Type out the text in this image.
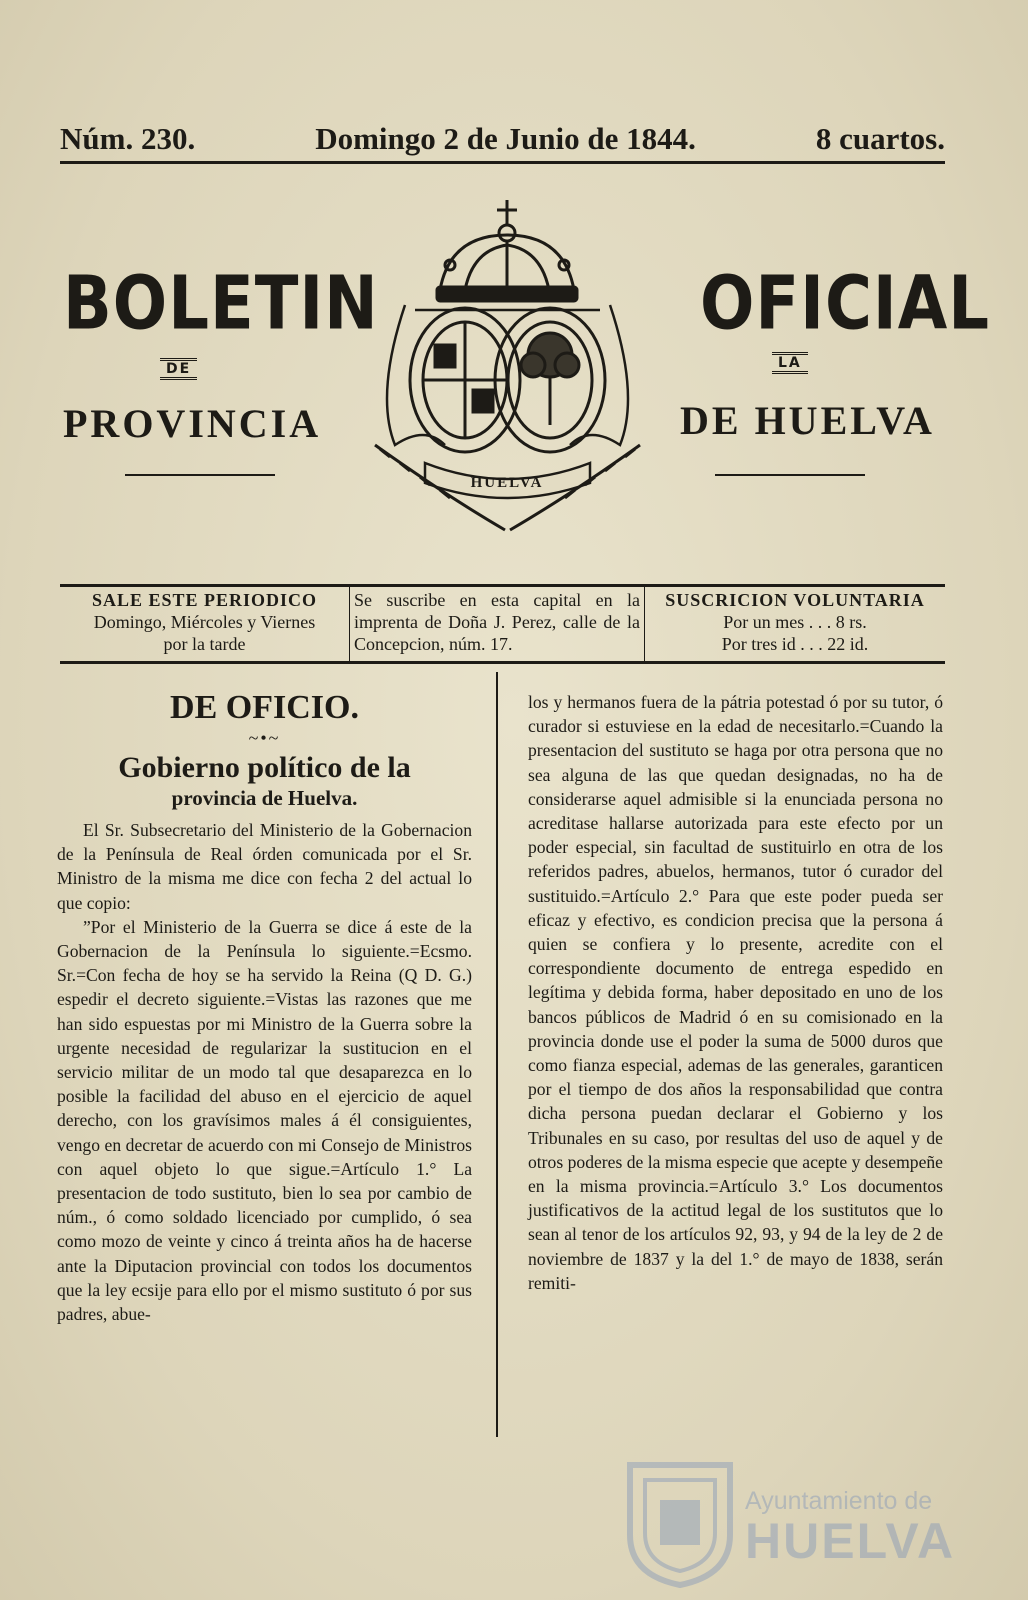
Núm. 230.	Domingo 2 de Junio de 1844.	8 cuartos.
BOLETIN	OFICIAL
DE	LA
PROVINCIA	DE HUELVA
HUELVA
SALE ESTE PERIODICO
Domingo, Miércoles y Viernes
por la tarde
Se suscribe en esta capital en la imprenta de Doña J. Perez, calle de la Concepcion, núm. 17.
SUSCRICION VOLUNTARIA
Por un mes . . . 8 rs.
Por tres id . . . 22 id.
DE OFICIO.
~•~
Gobierno político de la
provincia de Huelva.

El Sr. Subsecretario del Ministerio de la Gobernacion de la Península de Real órden comunicada por el Sr. Ministro de la misma me dice con fecha 2 del actual lo que copio:

”Por el Ministerio de la Guerra se dice á este de la Gobernacion de la Península lo siguiente.=Ecsmo. Sr.=Con fecha de hoy se ha servido la Reina (Q D. G.) espedir el decreto siguiente.=Vistas las razones que me han sido espuestas por mi Ministro de la Guerra sobre la urgente necesidad de regularizar la sustitucion en el servicio militar de un modo tal que desaparezca en lo posible la facilidad del abuso en el ejercicio de aquel derecho, con los gravísimos males á él consiguientes, vengo en decretar de acuerdo con mi Consejo de Ministros con aquel objeto lo que sigue.=Artículo 1.° La presentacion de todo sustituto, bien lo sea por cambio de núm., ó como soldado licenciado por cumplido, ó sea como mozo de veinte y cinco á treinta años ha de hacerse ante la Diputacion provincial con todos los documentos que la ley ecsije para ello por el mismo sustituto ó por sus padres, abue-

los y hermanos fuera de la pátria potestad ó por su tutor, ó curador si estuviese en la edad de necesitarlo.=Cuando la presentacion del sustituto se haga por otra persona que no sea alguna de las que quedan designadas, no ha de considerarse aquel admisible si la enunciada persona no acreditase hallarse autorizada para este efecto por un poder especial, sin facultad de sustituirlo en otra de los referidos padres, abuelos, hermanos, tutor ó curador del sustituido.=Artículo 2.° Para que este poder pueda ser eficaz y efectivo, es condicion precisa que la persona á quien se confiera y lo presente, acredite con el correspondiente documento de entrega espedido en legítima y debida forma, haber depositado en uno de los bancos públicos de Madrid ó en su comisionado en la provincia donde use el poder la suma de 5000 duros que como fianza especial, ademas de las generales, garanticen por el tiempo de dos años la responsabilidad que contra dicha persona puedan declarar el Gobierno y los Tribunales en su caso, por resultas del uso de aquel y de otros poderes de la misma especie que acepte y desempeñe en la misma provincia.=Artículo 3.° Los documentos justificativos de la actitud legal de los sustitutos que lo sean al tenor de los artículos 92, 93, y 94 de la ley de 2 de noviembre de 1837 y la del 1.° de mayo de 1838, serán remiti-

Ayuntamiento de
HUELVA
